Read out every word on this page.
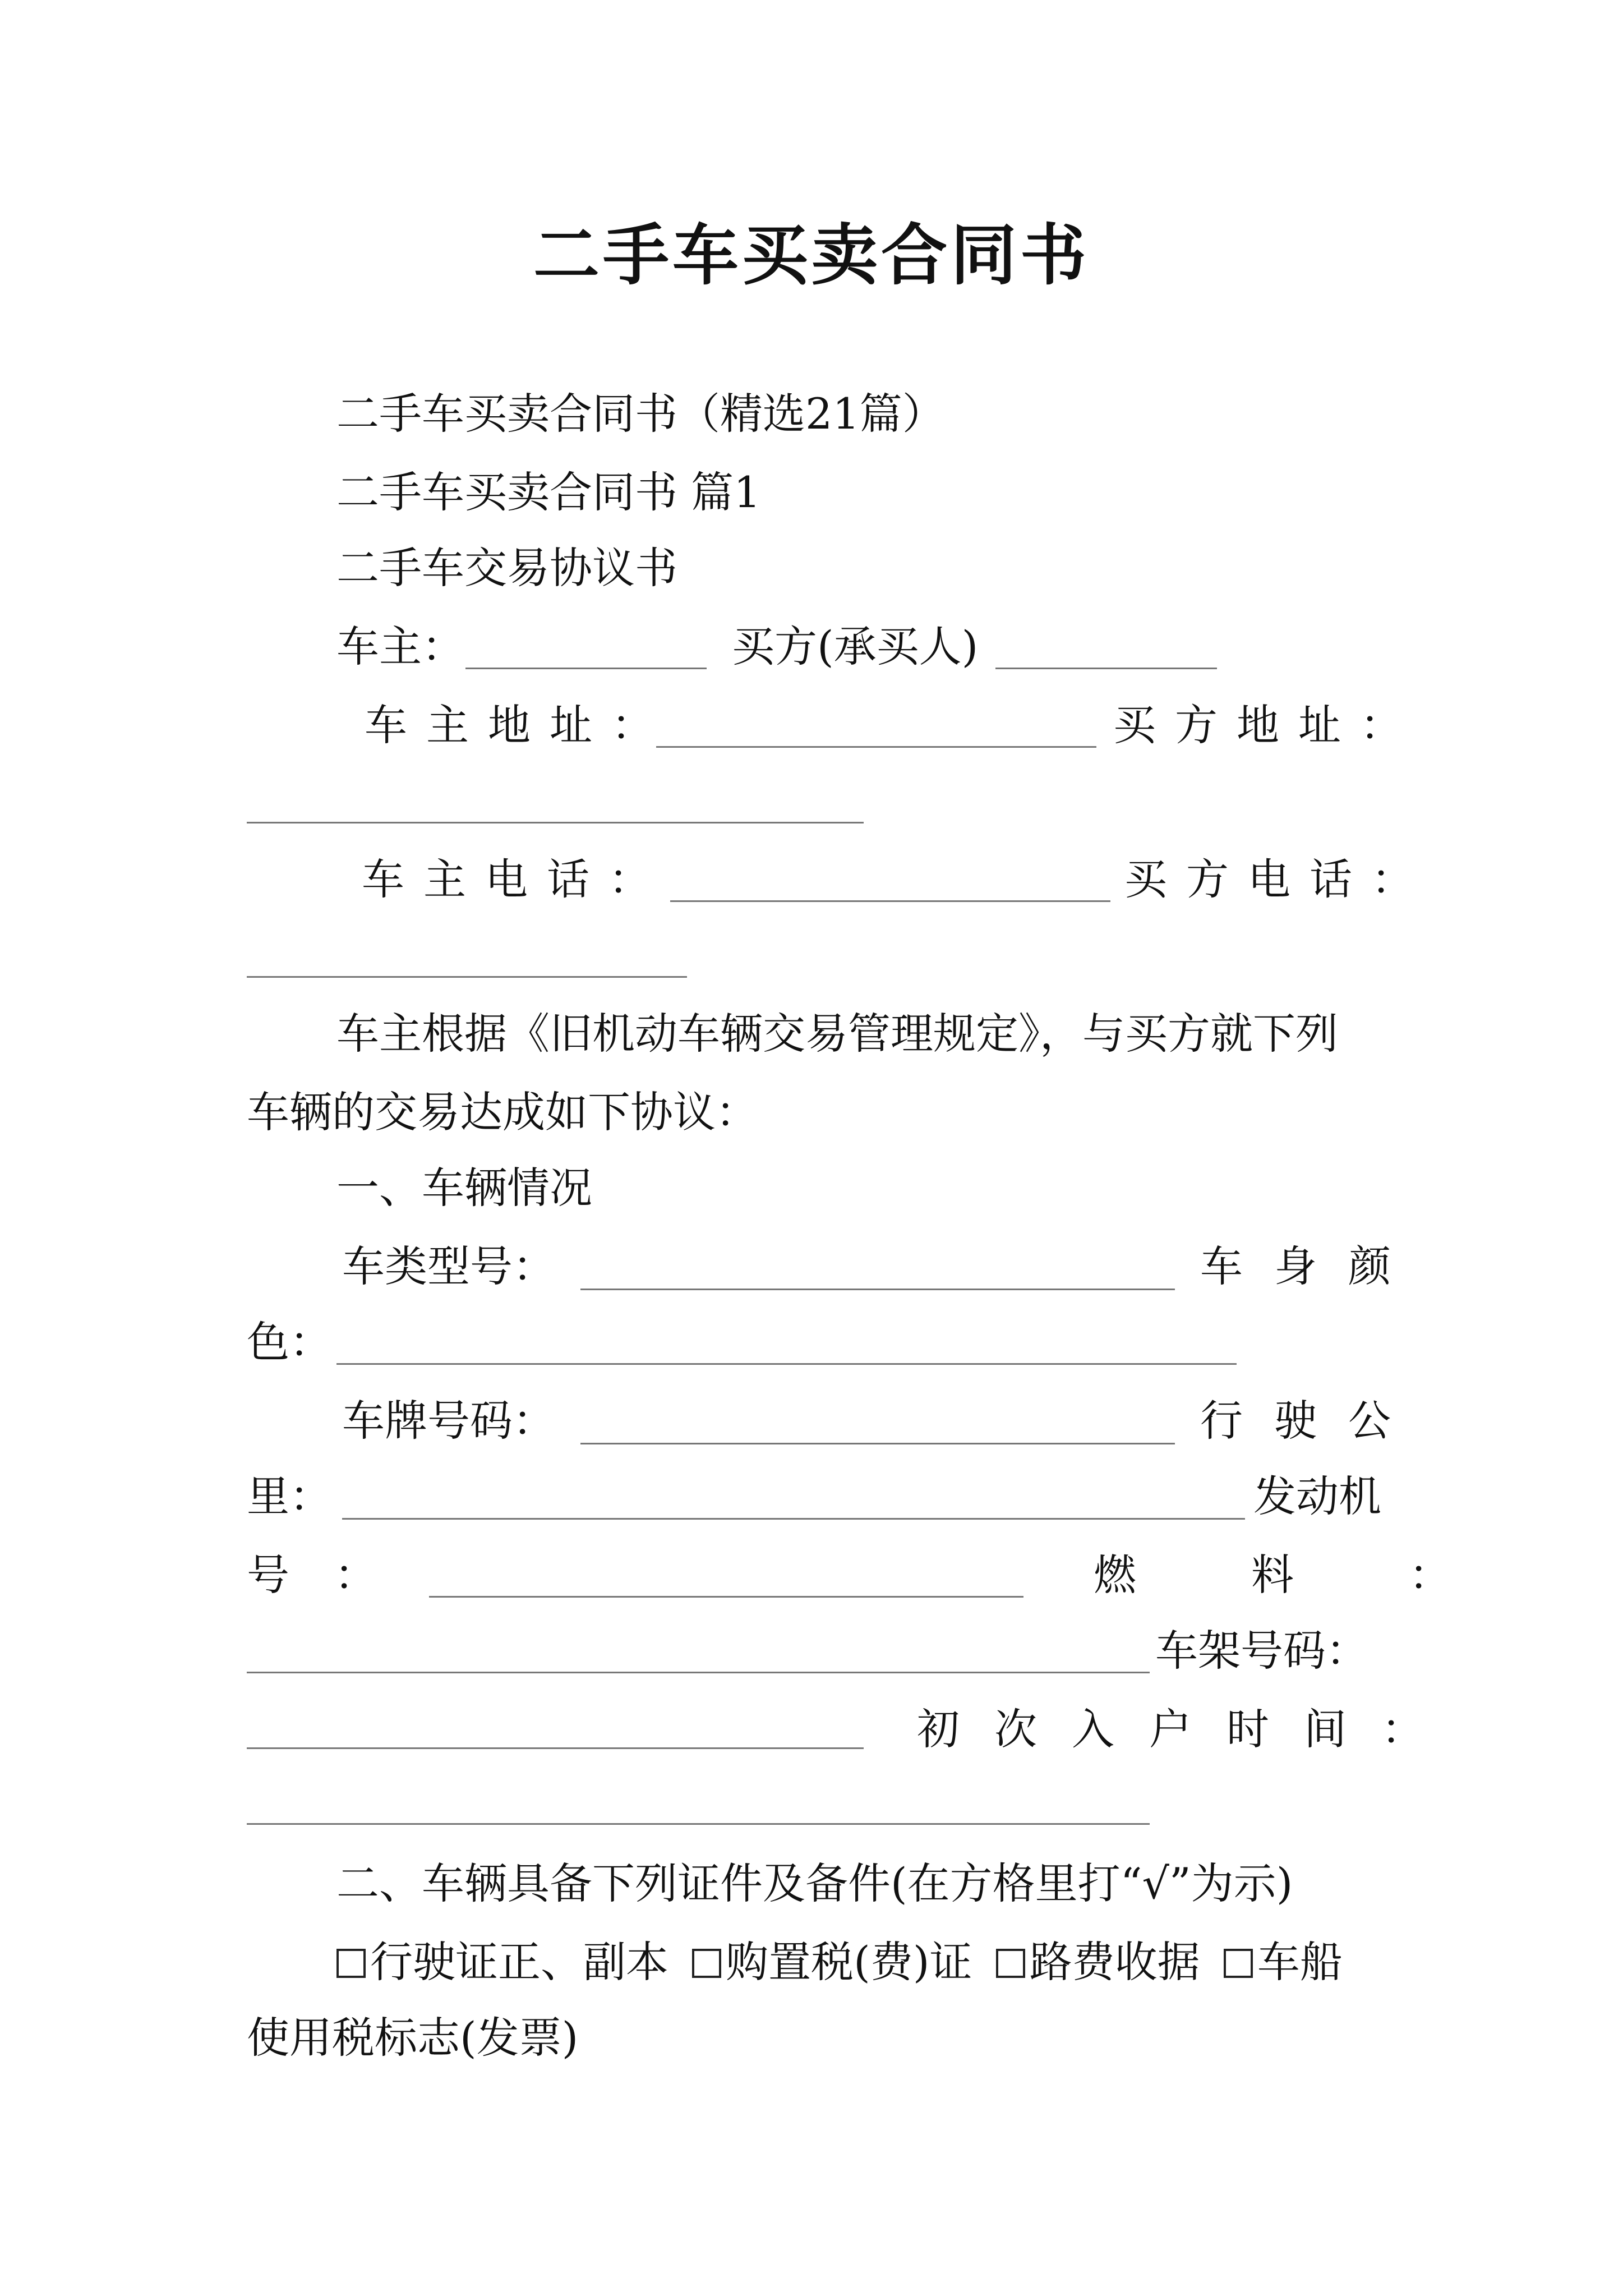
二手车买卖合同书
二手车买卖合同书（精选21篇）
二手车买卖合同书 篇1
二手车交易协议书
车主：	买方(承买人)
车主地址：	买方地址：
车主电话：	买方电话：
车主根据《旧机动车辆交易管理规定》，与买方就下列
车辆的交易达成如下协议：
一、车辆情况
车类型号：	车身颜
色：
车牌号码：	行驶公
里：	发动机
号：	燃料：
车架号码：
初次入户时间：
二、车辆具备下列证件及备件(在方格里打“√”为示)
行驶证正、副本 购置税(费)证 路费收据 车船
使用税标志(发票)
